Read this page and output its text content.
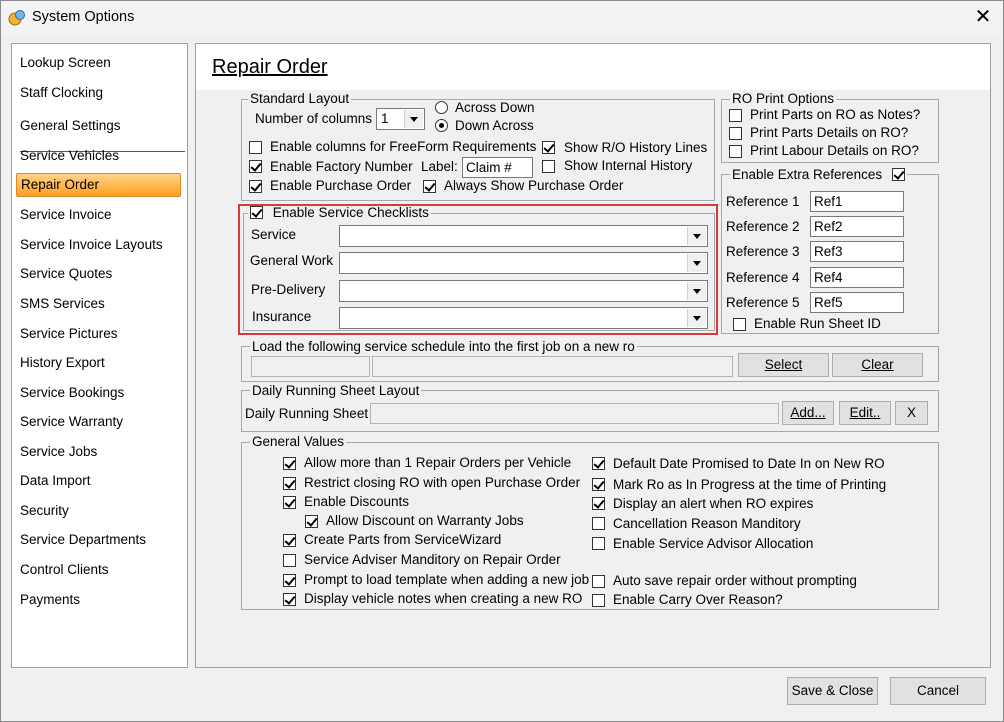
System Options	✕
Lookup Screen
Staff Clocking
General Settings
Service Vehicles
Repair Order
Service Invoice
Service Invoice Layouts
Service Quotes
SMS Services
Service Pictures
History Export
Service Bookings
Service Warranty
Service Jobs
Data Import
Security
Service Departments
Control Clients
Payments
Repair Order
Standard Layout
Number of columns 1
Across Down
Down Across
Enable columns for FreeForm Requirements Show R/O History Lines
Enable Factory Number Label: Claim #	Show Internal History
Enable Purchase Order Always Show Purchase Order
Enable Service Checklists
Service
General Work
Pre-Delivery
Insurance
RO Print Options
Print Parts on RO as Notes?
Print Parts Details on RO?
Print Labour Details on RO?
Enable Extra References
Reference 1 Ref1
Reference 2 Ref2
Reference 3 Ref3
Reference 4 Ref4
Reference 5 Ref5
Enable Run Sheet ID
Load the following service schedule into the first job on a new ro
Select	Clear
Daily Running Sheet Layout
Daily Running Sheet	Add...	Edit..	X
General Values
Allow more than 1 Repair Orders per Vehicle
Restrict closing RO with open Purchase Order
Enable Discounts
Allow Discount on Warranty Jobs
Create Parts from ServiceWizard
Service Adviser Manditory on Repair Order
Prompt to load template when adding a new job
Display vehicle notes when creating a new RO
Default Date Promised to Date In on New RO
Mark Ro as In Progress at the time of Printing
Display an alert when RO expires
Cancellation Reason Manditory
Enable Service Advisor Allocation
Auto save repair order without prompting
Enable Carry Over Reason?
Save & Close	Cancel
